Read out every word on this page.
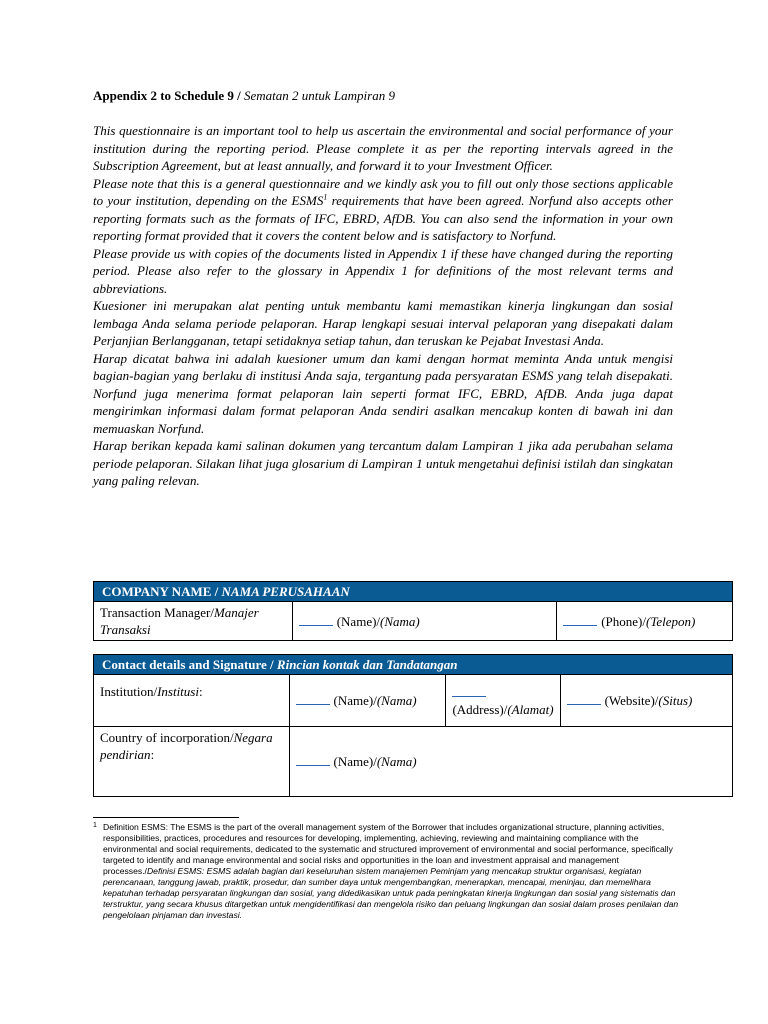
Appendix 2 to Schedule 9 / Sematan 2 untuk Lampiran 9

This questionnaire is an important tool to help us ascertain the environmental and social performance of your institution during the reporting period. Please complete it as per the reporting intervals agreed in the Subscription Agreement, but at least annually, and forward it to your Investment Officer.

Please note that this is a general questionnaire and we kindly ask you to fill out only those sections applicable to your institution, depending on the ESMS$^1$ requirements that have been agreed. Norfund also accepts other reporting formats such as the formats of IFC, EBRD, AfDB. You can also send the information in your own reporting format provided that it covers the content below and is satisfactory to Norfund.

Please provide us with copies of the documents listed in Appendix 1 if these have changed during the reporting period. Please also refer to the glossary in Appendix 1 for definitions of the most relevant terms and abbreviations.

Kuesioner ini merupakan alat penting untuk membantu kami memastikan kinerja lingkungan dan sosial lembaga Anda selama periode pelaporan. Harap lengkapi sesuai interval pelaporan yang disepakati dalam Perjanjian Berlangganan, tetapi setidaknya setiap tahun, dan teruskan ke Pejabat Investasi Anda.

Harap dicatat bahwa ini adalah kuesioner umum dan kami dengan hormat meminta Anda untuk mengisi bagian-bagian yang berlaku di institusi Anda saja, tergantung pada persyaratan ESMS yang telah disepakati. Norfund juga menerima format pelaporan lain seperti format IFC, EBRD, AfDB. Anda juga dapat mengirimkan informasi dalam format pelaporan Anda sendiri asalkan mencakup konten di bawah ini dan memuaskan Norfund.

Harap berikan kepada kami salinan dokumen yang tercantum dalam Lampiran 1 jika ada perubahan selama periode pelaporan. Silakan lihat juga glosarium di Lampiran 1 untuk mengetahui definisi istilah dan singkatan yang paling relevan.

COMPANY NAME / NAMA PERUSAHAAN
Transaction Manager/Manajer Transaksi	(Name)/(Nama)	(Phone)/(Telepon)
Contact details and Signature / Rincian kontak dan Tandatangan			
Institution/Institusi:	(Name)/(Nama)	(Address)/(Alamat)	(Website)/(Situs)
Country of incorporation/Negara pendirian:	(Name)/(Nama)		
1 Definition ESMS: The ESMS is the part of the overall management system of the Borrower that includes organizational structure, planning activities, responsibilities, practices, procedures and resources for developing, implementing, achieving, reviewing and maintaining compliance with the environmental and social requirements, dedicated to the systematic and structured improvement of environmental and social performance, specifically targeted to identify and manage environmental and social risks and opportunities in the loan and investment appraisal and management processes./Definisi ESMS: ESMS adalah bagian dari keseluruhan sistem manajemen Peminjam yang mencakup struktur organisasi, kegiatan perencanaan, tanggung jawab, praktik, prosedur, dan sumber daya untuk mengembangkan, menerapkan, mencapai, meninjau, dan memelihara kepatuhan terhadap persyaratan lingkungan dan sosial, yang didedikasikan untuk pada peningkatan kinerja lingkungan dan sosial yang sistematis dan terstruktur, yang secara khusus ditargetkan untuk mengidentifikasi dan mengelola risiko dan peluang lingkungan dan sosial dalam proses penilaian dan pengelolaan pinjaman dan investasi.
